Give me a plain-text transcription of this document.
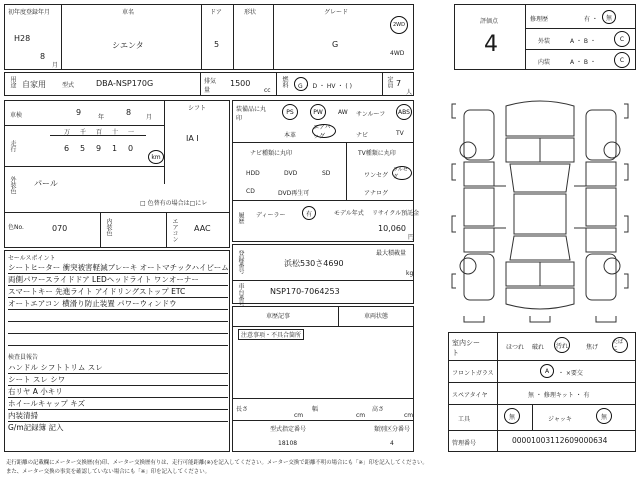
初年度登録年月
H28
8
月
車名
シエンタ
ドア
5
形状	グレード
G
2WD
4WD
用途 自家用	型式	DBA-NSP170G	排気量
1500
cc
燃料 G ・ D ・ HV ・ ( )	定員 7
人
車検	9
年
8
月
シフト
IA I
走行
万 千 百 十 一
6 5 9 1 0
km
外装色 パール
□ 色替有の場合は□にレ
色No.	070	内装色	エアコン AAC
セールスポイント
シートヒーター 衝突被害軽減ブレーキ オートマチックハイビーム
両側パワースライドドア LEDヘッドライト ワンオーナー
スマートキー 先進ライト アイドリングストップ ETC
オートエアコン 横滑り防止装置 パワーウィンドウ
検査員報告
ハンドル シフトトリム スレ
シート スレ シワ
右リヤ A 小キリ
ホイールキャップ キズ
内装清掃
G/m記録簿 記入
装備品に丸印
PS	PW	AW サンルーフ ABS
本革
エアバッグ	ナビ	TV
ナビ種類に丸印	TV種類に丸印
HDD	DVD	SD
CD	DVD再生可
ワンセグ
フルセグ
アナログ
履歴 ディーラー	有	モデル年式 リサイクル預託金
10,060
円
登録番号	浜松530さ4690
最大積載量
kg
車台番号	NSP170-7064253
車歴記事	車両状態
注意事項・不具合箇所
長さ
cm
幅
cm
高さ
cm
型式指定番号
18108
類別区分番号
4
評価点
4
修理歴	有 ・ 無
外装	A ・ B ・	C
内装	A ・ B ・	C
室内シート
ほつれ 破れ 汚れ	焦げ
たばこ
フロントガラス	A ・ ×要交
スペアタイヤ	無 ・ 修理キット ・ 有
工具	無	ジャッキ	無
管理番号	00001003112609000634
走行距離の記載欄にメーター交換歴(有)印、メーター交換歴有りは、走行可能距離(※)を記入してください。メーター交換で距離不明の場合にも「※」印を記入してください。
また、メーター交換の事実を確認していない場合にも「※」印を記入してください。
